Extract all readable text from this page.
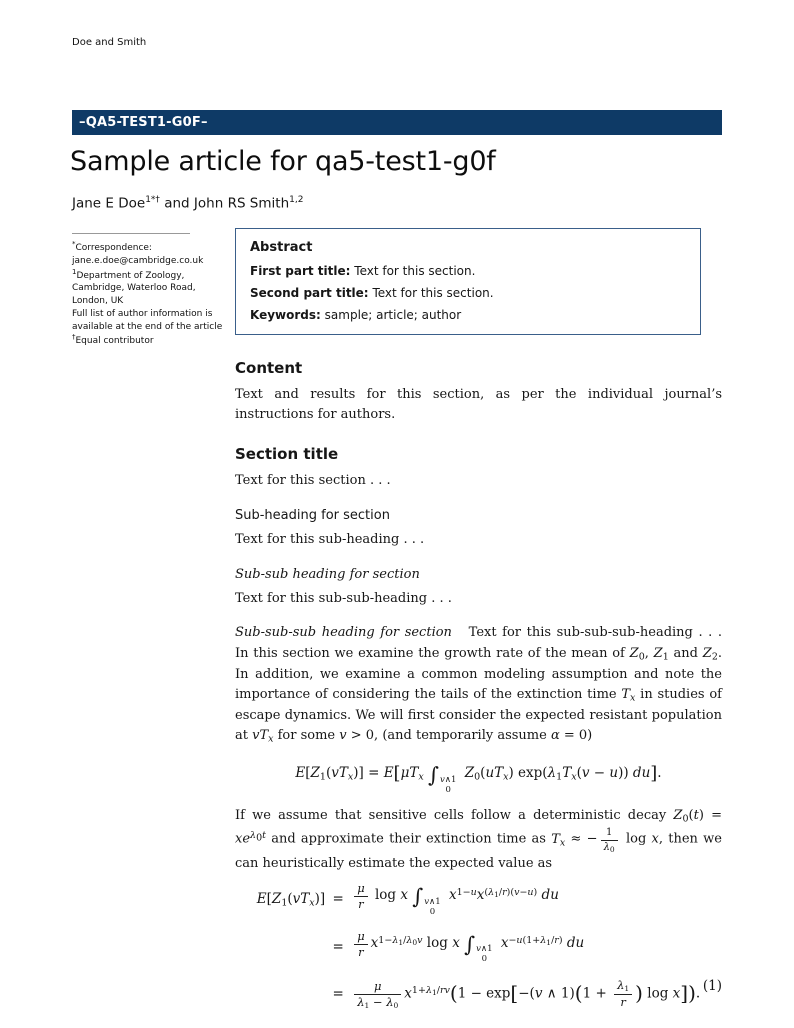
Doe and Smith
–QA5-TEST1-G0F–
Sample article for qa5-test1-g0f
Jane E Doe$^{1*\dagger}$ and John RS Smith$^{1,2}$
*Correspondence:
jane.e.doe@cambridge.co.uk
$^1$Department of Zoology,
Cambridge, Waterloo Road,
London, UK
Full list of author information is
available at the end of the article
†Equal contributor
Abstract
First part title: Text for this section.
Second part title: Text for this section.
Keywords: sample; article; author
Content

Text and results for this section, as per the individual journal’s instructions for authors.

Section title

Text for this section . . .

Sub-heading for section

Text for this sub-heading . . .

Sub-sub heading for section

Text for this sub-sub-heading . . .

Sub-sub-sub heading for section   Text for this sub-sub-sub-heading . . . In this section we examine the growth rate of the mean of $Z_0$, $Z_1$ and $Z_2$. In addition, we examine a common modeling assumption and note the importance of considering the tails of the extinction time $T_x$ in studies of escape dynamics. We will first consider the expected resistant population at $vT_x$ for some v > 0, (and temporarily assume α = 0)

$E[Z_1(vT_x)] = E[\mu T_x$ ∫ v∧1
0
$Z_0(uT_x) \exp(\lambda_1T_x(v - u))$ du].

If we assume that sensitive cells follow a deterministic decay $Z_0(t) = xe^{\lambda_0t}$ and approximate their extinction time as $T_x$ ≈ − $\frac{1}{\lambda_0}$ log x, then we can heuristically estimate the expected value as

$E[Z_1(vT_x)] = \frac{\mu}{r}$ log x ∫ v∧1
0
$x^{1-u}x^{(\lambda_1/r)(v-u)}$ du
= $\frac{\mu}{r} x^{1-\lambda_1/\lambda_0v}$ log x ∫ v∧1
0
$x^{-u(1+\lambda_1/r)}$ du
= $\frac{\mu}{\lambda_1 - \lambda_0} x^{1+\lambda_1/rv}(1 - \exp[-(v$ ∧ $1)(1 + \frac{\lambda_1}{r}$ ) log x]). (1)
